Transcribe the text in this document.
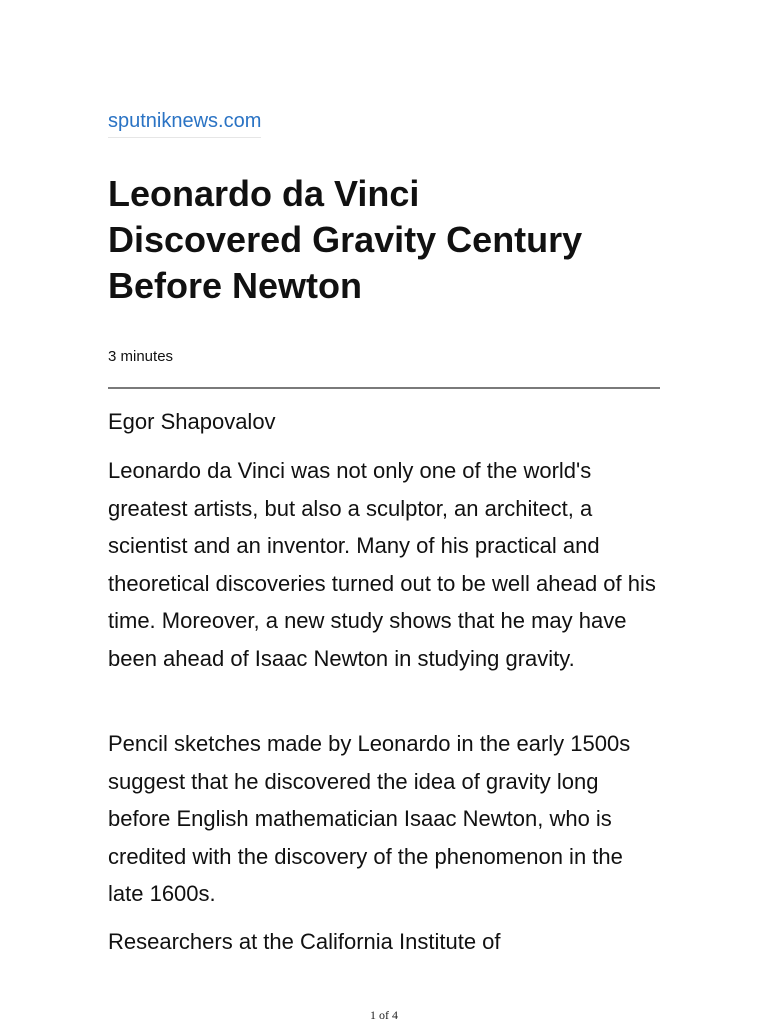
sputniknews.com
Leonardo da Vinci
Discovered Gravity Century
Before Newton
3 minutes
Egor Shapovalov

Leonardo da Vinci was not only one of the world's greatest artists, but also a sculptor, an architect, a scientist and an inventor. Many of his practical and theoretical discoveries turned out to be well ahead of his time. Moreover, a new study shows that he may have been ahead of Isaac Newton in studying gravity.

Pencil sketches made by Leonardo in the early 1500s suggest that he discovered the idea of gravity long before English mathematician Isaac Newton, who is credited with the discovery of the phenomenon in the late 1600s.

Researchers at the California Institute of

1 of 4
